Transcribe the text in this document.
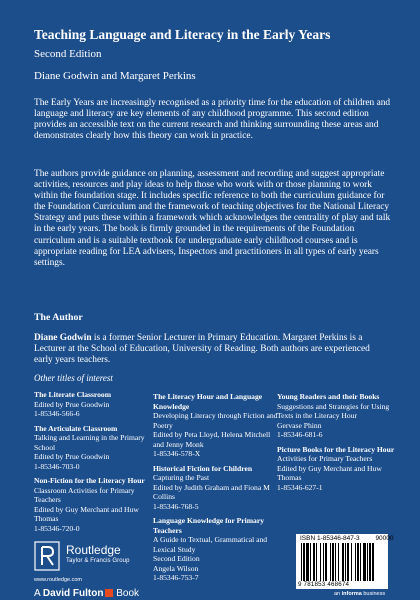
Teaching Language and Literacy in the Early Years
Second Edition
Diane Godwin and Margaret Perkins
The Early Years are increasingly recognised as a priority time for the education of children and language and literacy are key elements of any childhood programme. This second edition provides an accessible text on the current research and thinking surrounding these areas and demonstrates clearly how this theory can work in practice.
The authors provide guidance on planning, assessment and recording and suggest appropriate activities, resources and play ideas to help those who work with or those planning to work within the foundation stage. It includes specific reference to both the curriculum guidance for the Foundation Curriculum and the framework of teaching objectives for the National Literacy Strategy and puts these within a framework which acknowledges the centrality of play and talk in the early years. The book is firmly grounded in the requirements of the Foundation curriculum and is a suitable textbook for undergraduate early childhood courses and is appropriate reading for LEA advisers, Inspectors and practitioners in all types of early years settings.
The Author
Diane Godwin is a former Senior Lecturer in Primary Education. Margaret Perkins is a Lecturer at the School of Education, University of Reading. Both authors are experienced early years teachers.
Other titles of interest
The Literate Classroom
Edited by Prue Goodwin
1-85346-566-6
The Articulate Classroom
Talking and Learning in the Primary School
Edited by Prue Goodwin
1-85346-703-0
Non-Fiction for the Literacy Hour
Classroom Activities for Primary Teachers
Edited by Guy Merchant and Huw Thomas
1-85346-720-0
The Literacy Hour and Language Knowledge
Developing Literacy through Fiction and Poetry
Edited by Peta Lloyd, Helena Mitchell and Jenny Monk
1-85346-578-X
Historical Fiction for Children
Capturing the Past
Edited by Judith Graham and Fiona M Collins
1-85346-768-5
Language Knowledge for Primary Teachers
A Guide to Textual, Grammatical and Lexical Study
Second Edition
Angela Wilson
1-85346-753-7
Young Readers and their Books
Suggestions and Strategies for Using Texts in the Literacy Hour
Gervase Phinn
1-85346-681-6
Picture Books for the Literacy Hour
Activities for Primary Teachers
Edited by Guy Merchant and Huw Thomas
1-85346-627-1
Routledge
Taylor & Francis Group
www.routledge.com
A David Fulton Book
ISBN 1-85346-847-3 90000
9 781853 468674
an informa business
